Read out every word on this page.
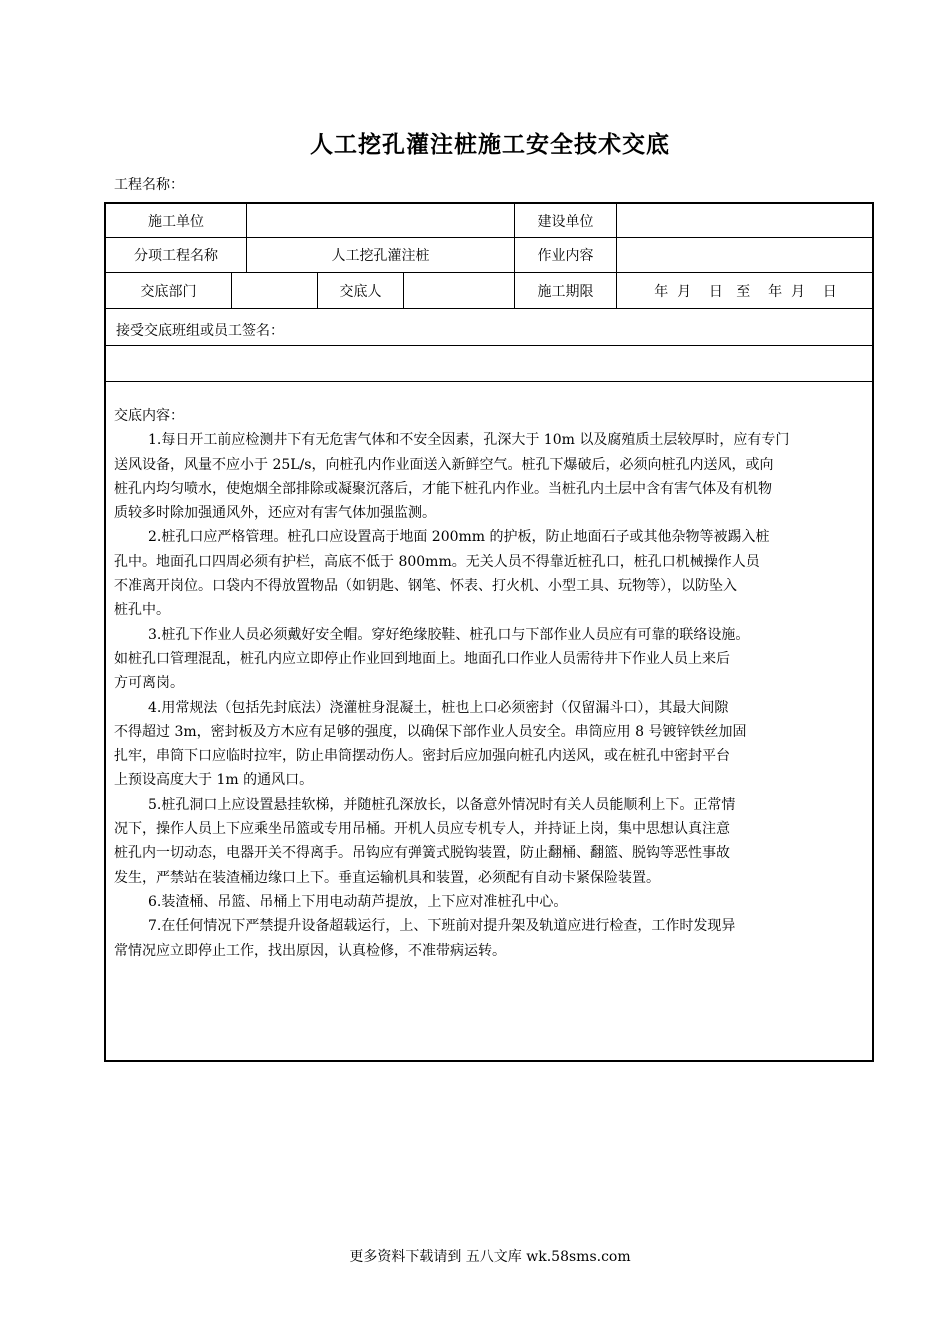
人工挖孔灌注桩施工安全技术交底
工程名称：
施工单位	建设单位
分项工程名称	人工挖孔灌注桩	作业内容
交底部门	交底人	施工期限	年  月    日   至    年  月    日
接受交底班组或员工签名：

交底内容：

1.每日开工前应检测井下有无危害气体和不安全因素，孔深大于 10m 以及腐殖质土层较厚时，应有专门
送风设备，风量不应小于 25L/s，向桩孔内作业面送入新鲜空气。桩孔下爆破后，必须向桩孔内送风，或向
桩孔内均匀喷水，使炮烟全部排除或凝聚沉落后，才能下桩孔内作业。当桩孔内土层中含有害气体及有机物
质较多时除加强通风外，还应对有害气体加强监测。

2.桩孔口应严格管理。桩孔口应设置高于地面 200mm 的护板，防止地面石子或其他杂物等被踢入桩
孔中。地面孔口四周必须有护栏，高底不低于 800mm。无关人员不得靠近桩孔口，桩孔口机械操作人员
不准离开岗位。口袋内不得放置物品（如钥匙、钢笔、怀表、打火机、小型工具、玩物等），以防坠入
桩孔中。

3.桩孔下作业人员必须戴好安全帽。穿好绝缘胶鞋、桩孔口与下部作业人员应有可靠的联络设施。
如桩孔口管理混乱，桩孔内应立即停止作业回到地面上。地面孔口作业人员需待井下作业人员上来后
方可离岗。

4.用常规法（包括先封底法）浇灌桩身混凝土，桩也上口必须密封（仅留漏斗口），其最大间隙
不得超过 3m，密封板及方木应有足够的强度，以确保下部作业人员安全。串筒应用 8 号镀锌铁丝加固
扎牢，串筒下口应临时拉牢，防止串筒摆动伤人。密封后应加强向桩孔内送风，或在桩孔中密封平台
上预设高度大于 1m 的通风口。

5.桩孔洞口上应设置悬挂软梯，并随桩孔深放长，以备意外情况时有关人员能顺利上下。正常情
况下，操作人员上下应乘坐吊篮或专用吊桶。开机人员应专机专人，并持证上岗，集中思想认真注意
桩孔内一切动态，电器开关不得离手。吊钩应有弹簧式脱钩装置，防止翻桶、翻篮、脱钩等恶性事故
发生，严禁站在装渣桶边缘口上下。垂直运输机具和装置，必须配有自动卡紧保险装置。

6.装渣桶、吊篮、吊桶上下用电动葫芦提放，上下应对准桩孔中心。

7.在任何情况下严禁提升设备超载运行，上、下班前对提升架及轨道应进行检查，工作时发现异
常情况应立即停止工作，找出原因，认真检修，不准带病运转。

更多资料下载请到 五八文库 wk.58sms.com
